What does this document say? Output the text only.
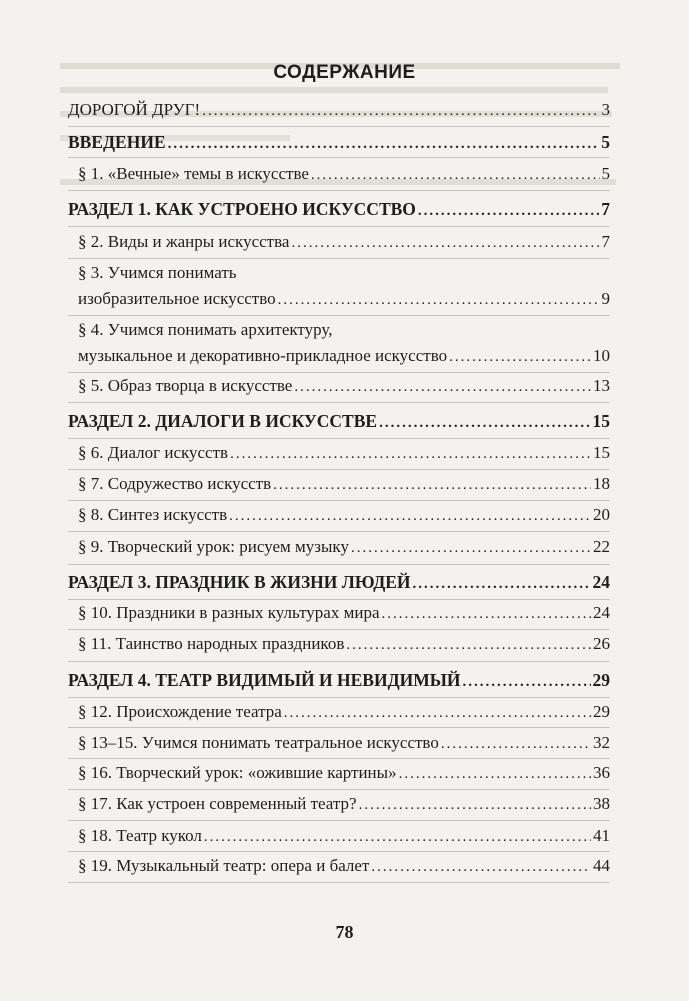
СОДЕРЖАНИЕ
ДОРОГОЙ ДРУГ! .....	3
ВВЕДЕНИЕ .....	5
§ 1. «Вечные» темы в искусстве .....	5
РАЗДЕЛ 1. КАК УСТРОЕНО ИСКУССТВО .....	7
§ 2. Виды и жанры искусства .....	7
§ 3. Учимся понимать
изобразительное искусство .....	9
§ 4. Учимся понимать архитектуру,
музыкальное и декоративно-прикладное искусство .....	10
§ 5. Образ творца в искусстве .....	13
РАЗДЕЛ 2. ДИАЛОГИ В ИСКУССТВЕ .....	15
§ 6. Диалог искусств .....	15
§ 7. Содружество искусств .....	18
§ 8. Синтез искусств .....	20
§ 9. Творческий урок: рисуем музыку .....	22
РАЗДЕЛ 3. ПРАЗДНИК В ЖИЗНИ ЛЮДЕЙ .....	24
§ 10. Праздники в разных культурах мира .....	24
§ 11. Таинство народных праздников .....	26
РАЗДЕЛ 4. ТЕАТР ВИДИМЫЙ И НЕВИДИМЫЙ .....	29
§ 12. Происхождение театра .....	29
§ 13–15. Учимся понимать театральное искусство .....	32
§ 16. Творческий урок: «ожившие картины» .....	36
§ 17. Как устроен современный театр? .....	38
§ 18. Театр кукол .....	41
§ 19. Музыкальный театр: опера и балет .....	44
78
